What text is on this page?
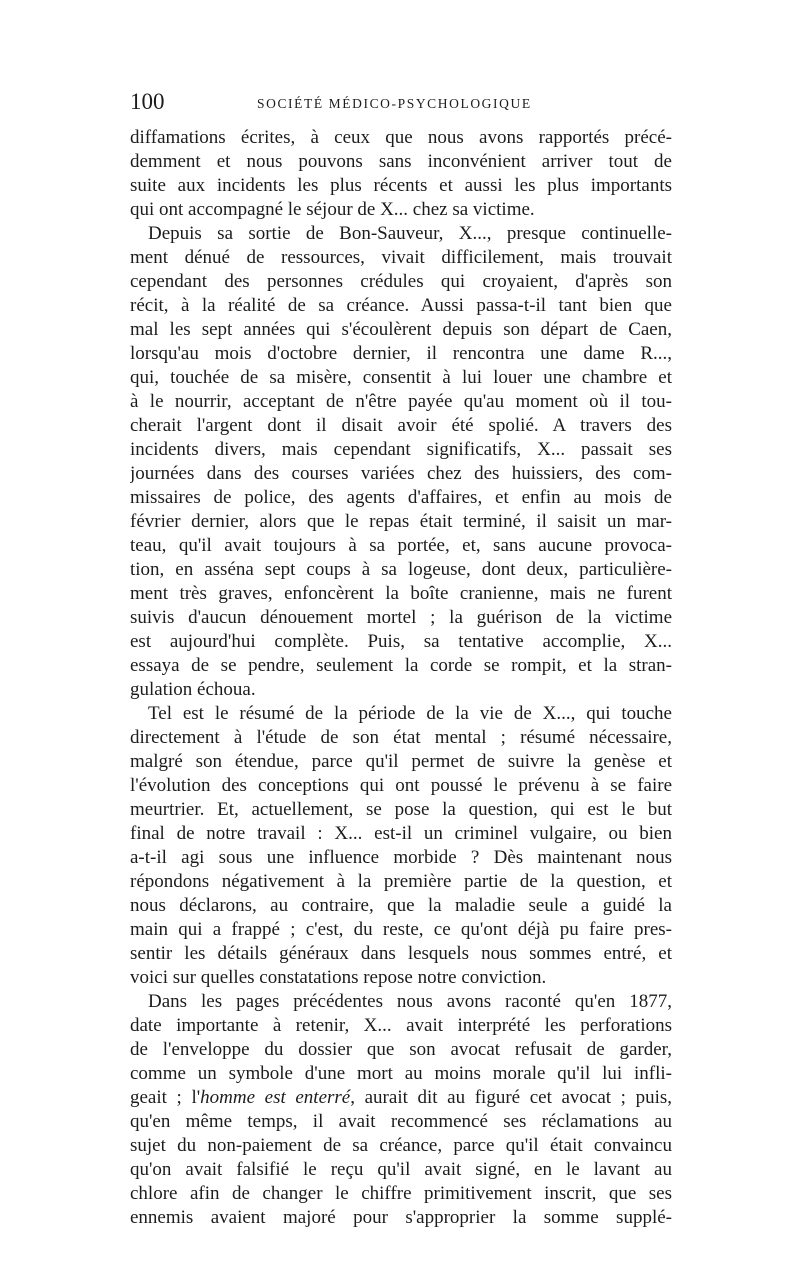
100	SOCIÉTÉ MÉDICO-PSYCHOLOGIQUE
diffamations écrites, à ceux que nous avons rapportés précé-
demment et nous pouvons sans inconvénient arriver tout de
suite aux incidents les plus récents et aussi les plus importants
qui ont accompagné le séjour de X... chez sa victime.
Depuis sa sortie de Bon-Sauveur, X..., presque continuelle-
ment dénué de ressources, vivait difficilement, mais trouvait
cependant des personnes crédules qui croyaient, d'après son
récit, à la réalité de sa créance. Aussi passa-t-il tant bien que
mal les sept années qui s'écoulèrent depuis son départ de Caen,
lorsqu'au mois d'octobre dernier, il rencontra une dame R...,
qui, touchée de sa misère, consentit à lui louer une chambre et
à le nourrir, acceptant de n'être payée qu'au moment où il tou-
cherait l'argent dont il disait avoir été spolié. A travers des
incidents divers, mais cependant significatifs, X... passait ses
journées dans des courses variées chez des huissiers, des com-
missaires de police, des agents d'affaires, et enfin au mois de
février dernier, alors que le repas était terminé, il saisit un mar-
teau, qu'il avait toujours à sa portée, et, sans aucune provoca-
tion, en asséna sept coups à sa logeuse, dont deux, particulière-
ment très graves, enfoncèrent la boîte cranienne, mais ne furent
suivis d'aucun dénouement mortel ; la guérison de la victime
est aujourd'hui complète. Puis, sa tentative accomplie, X...
essaya de se pendre, seulement la corde se rompit, et la stran-
gulation échoua.
Tel est le résumé de la période de la vie de X..., qui touche
directement à l'étude de son état mental ; résumé nécessaire,
malgré son étendue, parce qu'il permet de suivre la genèse et
l'évolution des conceptions qui ont poussé le prévenu à se faire
meurtrier. Et, actuellement, se pose la question, qui est le but
final de notre travail : X... est-il un criminel vulgaire, ou bien
a-t-il agi sous une influence morbide ? Dès maintenant nous
répondons négativement à la première partie de la question, et
nous déclarons, au contraire, que la maladie seule a guidé la
main qui a frappé ; c'est, du reste, ce qu'ont déjà pu faire pres-
sentir les détails généraux dans lesquels nous sommes entré, et
voici sur quelles constatations repose notre conviction.
Dans les pages précédentes nous avons raconté qu'en 1877,
date importante à retenir, X... avait interprété les perforations
de l'enveloppe du dossier que son avocat refusait de garder,
comme un symbole d'une mort au moins morale qu'il lui infli-
geait ; l'homme est enterré, aurait dit au figuré cet avocat ; puis,
qu'en même temps, il avait recommencé ses réclamations au
sujet du non-paiement de sa créance, parce qu'il était convaincu
qu'on avait falsifié le reçu qu'il avait signé, en le lavant au
chlore afin de changer le chiffre primitivement inscrit, que ses
ennemis avaient majoré pour s'approprier la somme supplé-
